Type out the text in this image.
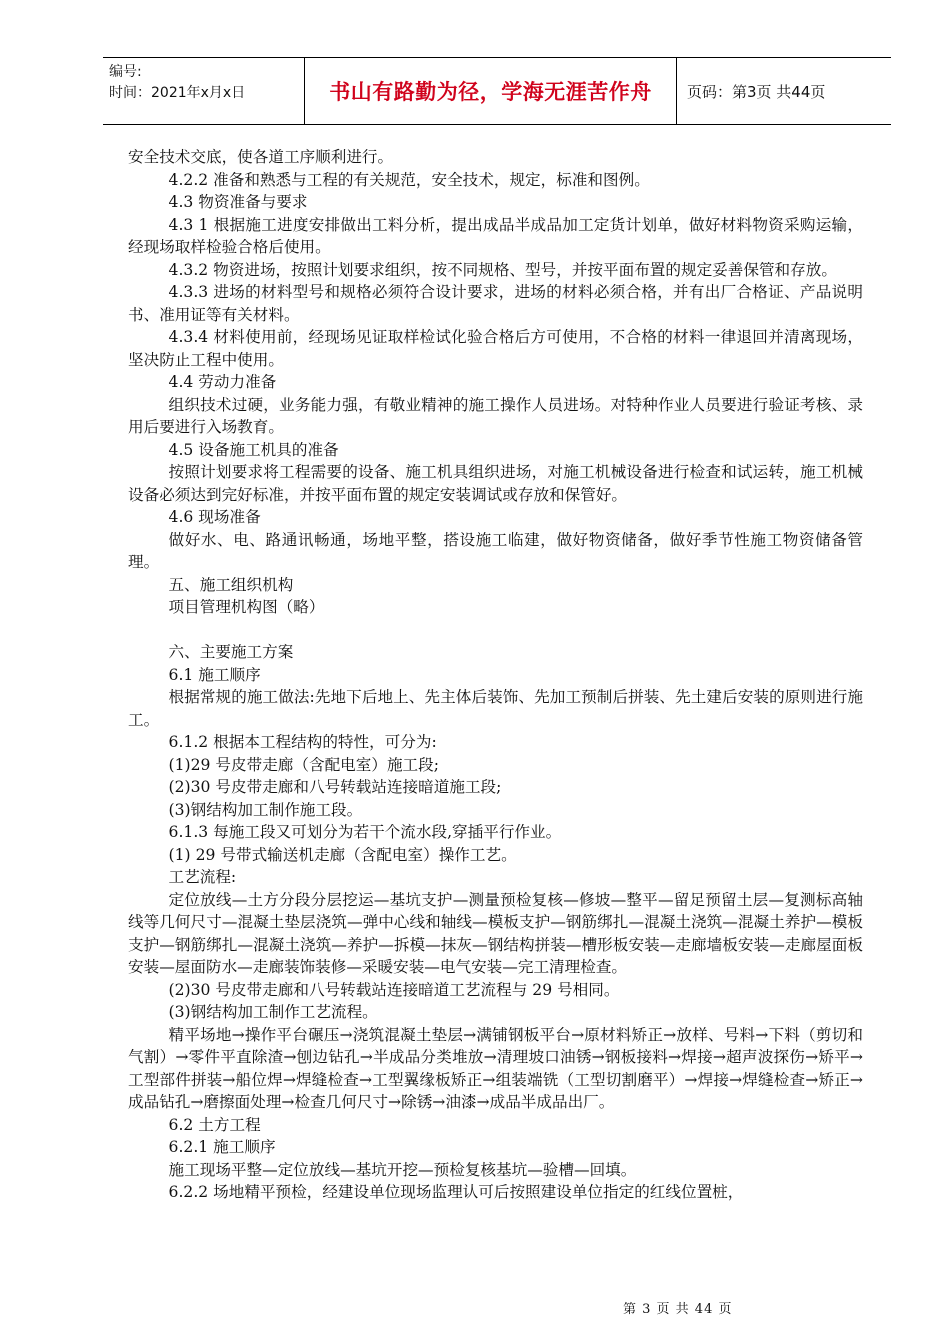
编号:
时间：2021年x月x日	书山有路勤为径，学海无涯苦作舟	页码：第3页 共44页

安全技术交底，使各道工序顺利进行。

4.2.2 准备和熟悉与工程的有关规范，安全技术，规定，标准和图例。

4.3 物资准备与要求

4.3 1 根据施工进度安排做出工料分析，提出成品半成品加工定货计划单，做好材料物资采购运输，经现场取样检验合格后使用。

4.3.2 物资进场，按照计划要求组织，按不同规格、型号，并按平面布置的规定妥善保管和存放。

4.3.3 进场的材料型号和规格必须符合设计要求，进场的材料必须合格，并有出厂合格证、产品说明书、准用证等有关材料。

4.3.4 材料使用前，经现场见证取样检试化验合格后方可使用，不合格的材料一律退回并清离现场，坚决防止工程中使用。

4.4 劳动力准备

组织技术过硬，业务能力强，有敬业精神的施工操作人员进场。对特种作业人员要进行验证考核、录用后要进行入场教育。

4.5 设备施工机具的准备

按照计划要求将工程需要的设备、施工机具组织进场，对施工机械设备进行检查和试运转，施工机械设备必须达到完好标准，并按平面布置的规定安装调试或存放和保管好。

4.6 现场准备

做好水、电、路通讯畅通，场地平整，搭设施工临建，做好物资储备，做好季节性施工物资储备管理。

五、施工组织机构

项目管理机构图（略）

六、主要施工方案

6.1 施工顺序

根据常规的施工做法:先地下后地上、先主体后装饰、先加工预制后拼装、先土建后安装的原则进行施工。

6.1.2 根据本工程结构的特性，可分为:

(1)29 号皮带走廊（含配电室）施工段;

(2)30 号皮带走廊和八号转载站连接暗道施工段;

(3)钢结构加工制作施工段。

6.1.3 每施工段又可划分为若干个流水段,穿插平行作业。

(1) 29 号带式输送机走廊（含配电室）操作工艺。

工艺流程:

定位放线—土方分段分层挖运—基坑支护—测量预检复核—修坡—整平—留足预留土层—复测标高轴线等几何尺寸—混凝土垫层浇筑—弹中心线和轴线—模板支护—钢筋绑扎—混凝土浇筑—混凝土养护—模板支护—钢筋绑扎—混凝土浇筑—养护—拆模—抹灰—钢结构拼装—槽形板安装—走廊墙板安装—走廊屋面板安装—屋面防水—走廊装饰装修—采暖安装—电气安装—完工清理检查。

(2)30 号皮带走廊和八号转载站连接暗道工艺流程与 29 号相同。

(3)钢结构加工制作工艺流程。

精平场地→操作平台碾压→浇筑混凝土垫层→满铺钢板平台→原材料矫正→放样、号料→下料（剪切和气割）→零件平直除渣→刨边钻孔→半成品分类堆放→清理坡口油锈→钢板接料→焊接→超声波探伤→矫平→工型部件拼装→船位焊→焊缝检查→工型翼缘板矫正→组装端铣（工型切割磨平）→焊接→焊缝检查→矫正→成品钻孔→磨擦面处理→检查几何尺寸→除锈→油漆→成品半成品出厂。

6.2 土方工程

6.2.1 施工顺序

施工现场平整—定位放线—基坑开挖—预检复核基坑—验槽—回填。

6.2.2 场地精平预检，经建设单位现场监理认可后按照建设单位指定的红线位置桩，

第 3 页 共 44 页
